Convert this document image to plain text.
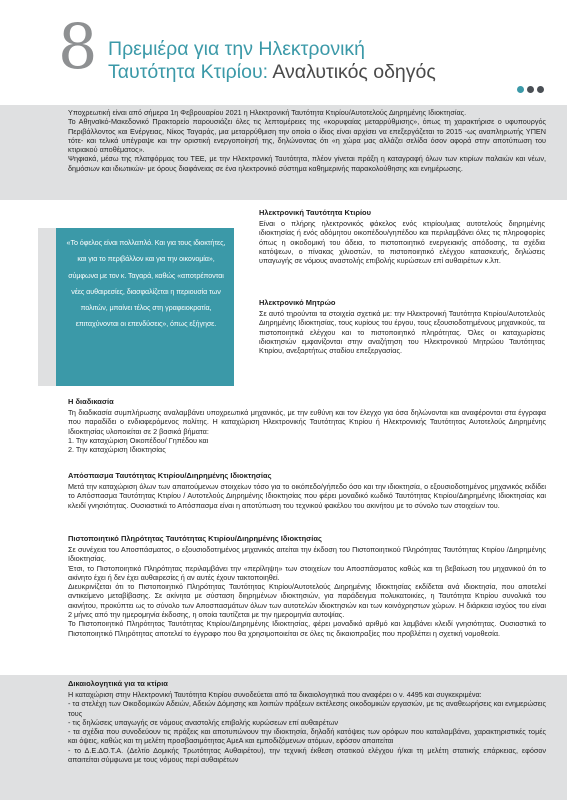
8 Πρεμιέρα για την Ηλεκτρονική
Ταυτότητα Κτιρίου: Αναλυτικός οδηγός

Υποχρεωτική είναι από σήμερα 1η Φεβρουαρίου 2021 η Ηλεκτρονική Ταυτότητα Κτιρίου/Αυτοτελούς Διηρημένης Ιδιοκτησίας.

Το Αθηναϊκό-Μακεδονικό Πρακτορείο παρουσιάζει όλες τις λεπτομέρειες της «κορυφαίας μεταρρύθμισης», όπως τη χαρακτήρισε ο υφυπουργός Περιβάλλοντος και Ενέργειας, Νίκος Ταγαράς, μια μεταρρύθμιση την οποία ο ίδιος είναι αρχίσει να επεξεργάζεται το 2015 -ως αναπληρωτής ΥΠΕΝ τότε- και τελικά υπέγραψε και την οριστική ενεργοποίησή της, δηλώνοντας ότι «η χώρα μας αλλάζει σελίδα όσον αφορά στην αποτύπωση του κτιριακού αποθέματος».

Ψηφιακά, μέσω της πλατφόρμας του ΤΕΕ, με την Ηλεκτρονική Ταυτότητα, πλέον γίνεται πράξη η καταγραφή όλων των κτιρίων παλαιών και νέων, δημόσιων και ιδιωτικών- με όρους διαφάνειας σε ένα ηλεκτρονικό σύστημα καθημερινής παρακολούθησης και ενημέρωσης.

«Το όφελος είναι πολλαπλό. Και για τους ιδιοκτήτες, και για το περιβάλλον και για την οικονομία», σύμφωνα με τον κ. Ταγαρά, καθώς «αποτρέπονται νέες αυθαιρεσίες, διασφαλίζεται η περιουσία των πολιτών, μπαίνει τέλος στη γραφειοκρατία, επιταχύνονται οι επενδύσεις», όπως εξήγησε.
Ηλεκτρονική Ταυτότητα Κτιρίου

Είναι ο πλήρης ηλεκτρονικός φάκελος ενός κτιρίου/μιας αυτοτελούς διηρημένης ιδιοκτησίας ή ενός αδόμητου οικοπέδου/γηπέδου και περιλαμβάνει όλες τις πληροφορίες όπως η οικοδομική του άδεια, το πιστοποιητικό ενεργειακής απόδοσης, τα σχέδια κατόψεων, ο πίνακας χιλιοστών, το πιστοποιητικό ελέγχου κατασκευής, δηλώσεις υπαγωγής σε νόμους αναστολής επιβολής κυρώσεων επί αυθαιρέτων κ.λπ.

Ηλεκτρονικό Μητρώο

Σε αυτό τηρούνται τα στοιχεία σχετικά με: την Ηλεκτρονική Ταυτότητα Κτιρίου/Αυτοτελούς Διηρημένης Ιδιοκτησίας, τους κυρίους του έργου, τους εξουσιοδοτημένους μηχανικούς, τα πιστοποιητικά ελέγχου και το πιστοποιητικό πληρότητας. Όλες οι καταχωρίσεις ιδιοκτησιών εμφανίζονται στην αναζήτηση του Ηλεκτρονικού Μητρώου Ταυτότητας Κτιρίου, ανεξαρτήτως σταδίου επεξεργασίας.

Η διαδικασία

Τη διαδικασία συμπλήρωσης αναλαμβάνει υποχρεωτικά μηχανικός, με την ευθύνη και τον έλεγχο για όσα δηλώνονται και αναφέρονται στα έγγραφα που παραδίδει ο ενδιαφερόμενος πολίτης. Η καταχώριση Ηλεκτρονικής Ταυτότητας Κτιρίου ή Ηλεκτρονικής Ταυτότητας Αυτοτελούς Διηρημένης Ιδιοκτησίας υλοποιείται σε 2 βασικά βήματα:

1. Την καταχώριση Οικοπέδου/ Γηπέδου και
2. Την καταχώριση Ιδιοκτησίας
Απόσπασμα Ταυτότητας Κτιρίου/Διηρημένης Ιδιοκτησίας

Μετά την καταχώριση όλων των απαιτούμενων στοιχείων τόσο για το οικόπεδο/γήπεδο όσο και την ιδιοκτησία, ο εξουσιοδοτημένος μηχανικός εκδίδει το Απόσπασμα Ταυτότητας Κτιρίου / Αυτοτελούς Διηρημένης Ιδιοκτησίας που φέρει μοναδικό κωδικό Ταυτότητας Κτιρίου/Διηρημένης Ιδιοκτησίας και κλειδί γνησιότητας. Ουσιαστικά το Απόσπασμα είναι η αποτύπωση του τεχνικού φακέλου του ακινήτου με το σύνολο των στοιχείων του.

Πιστοποιητικό Πληρότητας Ταυτότητας Κτιρίου/Διηρημένης Ιδιοκτησίας

Σε συνέχεια του Αποσπάσματος, ο εξουσιοδοτημένος μηχανικός αιτείται την έκδοση του Πιστοποιητικού Πληρότητας Ταυτότητας Κτιρίου /Διηρημένης Ιδιοκτησίας.

Έτσι, το Πιστοποιητικό Πληρότητας περιλαμβάνει την «περίληψη» των στοιχείων του Αποσπάσματος καθώς και τη βεβαίωση του μηχανικού ότι το ακίνητο έχει ή δεν έχει αυθαιρεσίες ή αν αυτές έχουν τακτοποιηθεί.

Διευκρινίζεται ότι το Πιστοποιητικό Πληρότητας Ταυτότητας Κτιρίου/Αυτοτελούς Διηρημένης Ιδιοκτησίας εκδίδεται ανά ιδιοκτησία, που αποτελεί αντικείμενο μεταβίβασης. Σε ακίνητα με σύσταση διηρημένων ιδιοκτησιών, για παράδειγμα πολυκατοικίες, η Ταυτότητα Κτιρίου συνολικά του ακινήτου, προκύπτει ως το σύνολο των Αποσπασμάτων όλων των αυτοτελών ιδιοκτησιών και των κοινόχρηστων χώρων. Η διάρκεια ισχύος του είναι 2 μήνες από την ημερομηνία έκδοσης, η οποία ταυτίζεται με την ημερομηνία αυτοψίας.

Το Πιστοποιητικό Πληρότητας Ταυτότητας Κτιρίου/Διηρημένης Ιδιοκτησίας, φέρει μοναδικό αριθμό και λαμβάνει κλειδί γνησιότητας. Ουσιαστικά το Πιστοποιητικό Πληρότητας αποτελεί το έγγραφο που θα χρησιμοποιείται σε όλες τις δικαιοπραξίες που προβλέπει η σχετική νομοθεσία.

Δικαιολογητικά για τα κτίρια

Η καταχώριση στην Ηλεκτρονική Ταυτότητα Κτιρίου συνοδεύεται από τα δικαιολογητικά που αναφέρει ο ν. 4495 και συγκεκριμένα:

- τα στελέχη των Οικοδομικών Αδειών, Αδειών Δόμησης και λοιπών πράξεων εκτέλεσης οικοδομικών εργασιών, με τις αναθεωρήσεις και ενημερώσεις τους
- τις δηλώσεις υπαγωγής σε νόμους αναστολής επιβολής κυρώσεων επί αυθαιρέτων
- τα σχέδια που συνοδεύουν τις πράξεις και αποτυπώνουν την ιδιοκτησία, δηλαδή κατόψεις των ορόφων που καταλαμβάνει, χαρακτηριστικές τομές και όψεις, καθώς και τη μελέτη προσβασιμότητας ΑμεΑ και εμποδιζόμενων ατόμων, εφόσον απαιτείται
- το Δ.Ε.ΔΟ.Τ.Α. (Δελτίο Δομικής Τρωτότητας Αυθαιρέτου), την τεχνική έκθεση στατικού ελέγχου ή/και τη μελέτη στατικής επάρκειας, εφόσον απαιτείται σύμφωνα με τους νόμους περί αυθαιρέτων
